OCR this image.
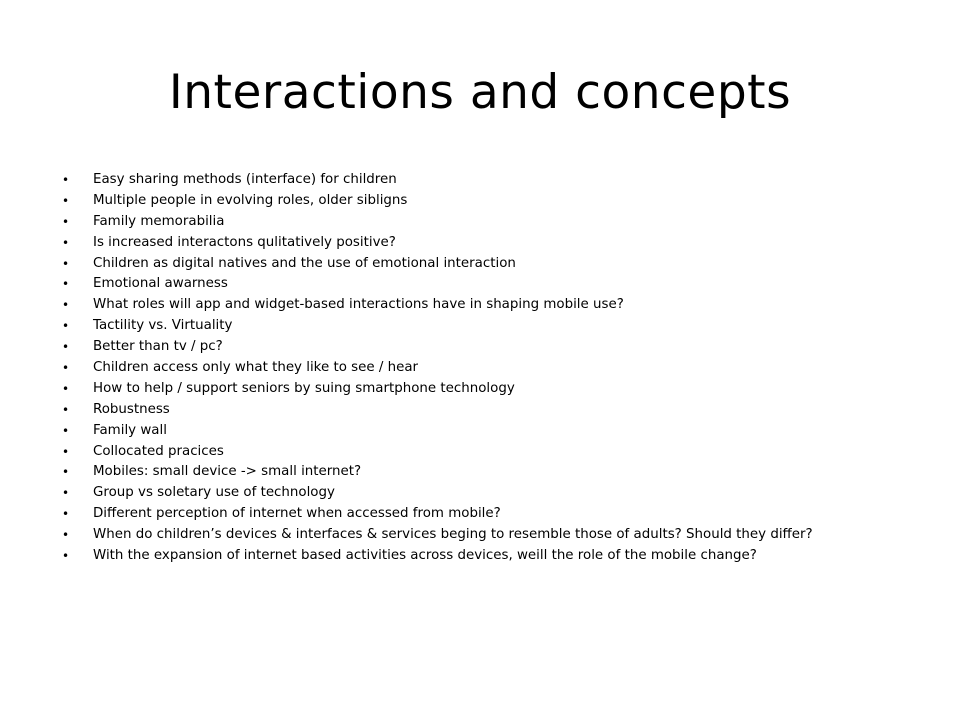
Interactions and concepts
• Easy sharing methods (interface) for children
• Multiple people in evolving roles, older sibligns
• Family memorabilia
• Is increased interactons qulitatively positive?
• Children as digital natives and the use of emotional interaction
• Emotional awarness
• What roles will app and widget-based interactions have in shaping mobile use?
• Tactility vs. Virtuality
• Better than tv / pc?
• Children access only what they like to see / hear
• How to help / support seniors by suing smartphone technology
• Robustness
• Family wall
• Collocated pracices
• Mobiles: small device -> small internet?
• Group vs soletary use of technology
• Different perception of internet when accessed from mobile?
• When do children’s devices & interfaces & services beging to resemble those of adults? Should they differ?
• With the expansion of internet based activities across devices, weill the role of the mobile change?
